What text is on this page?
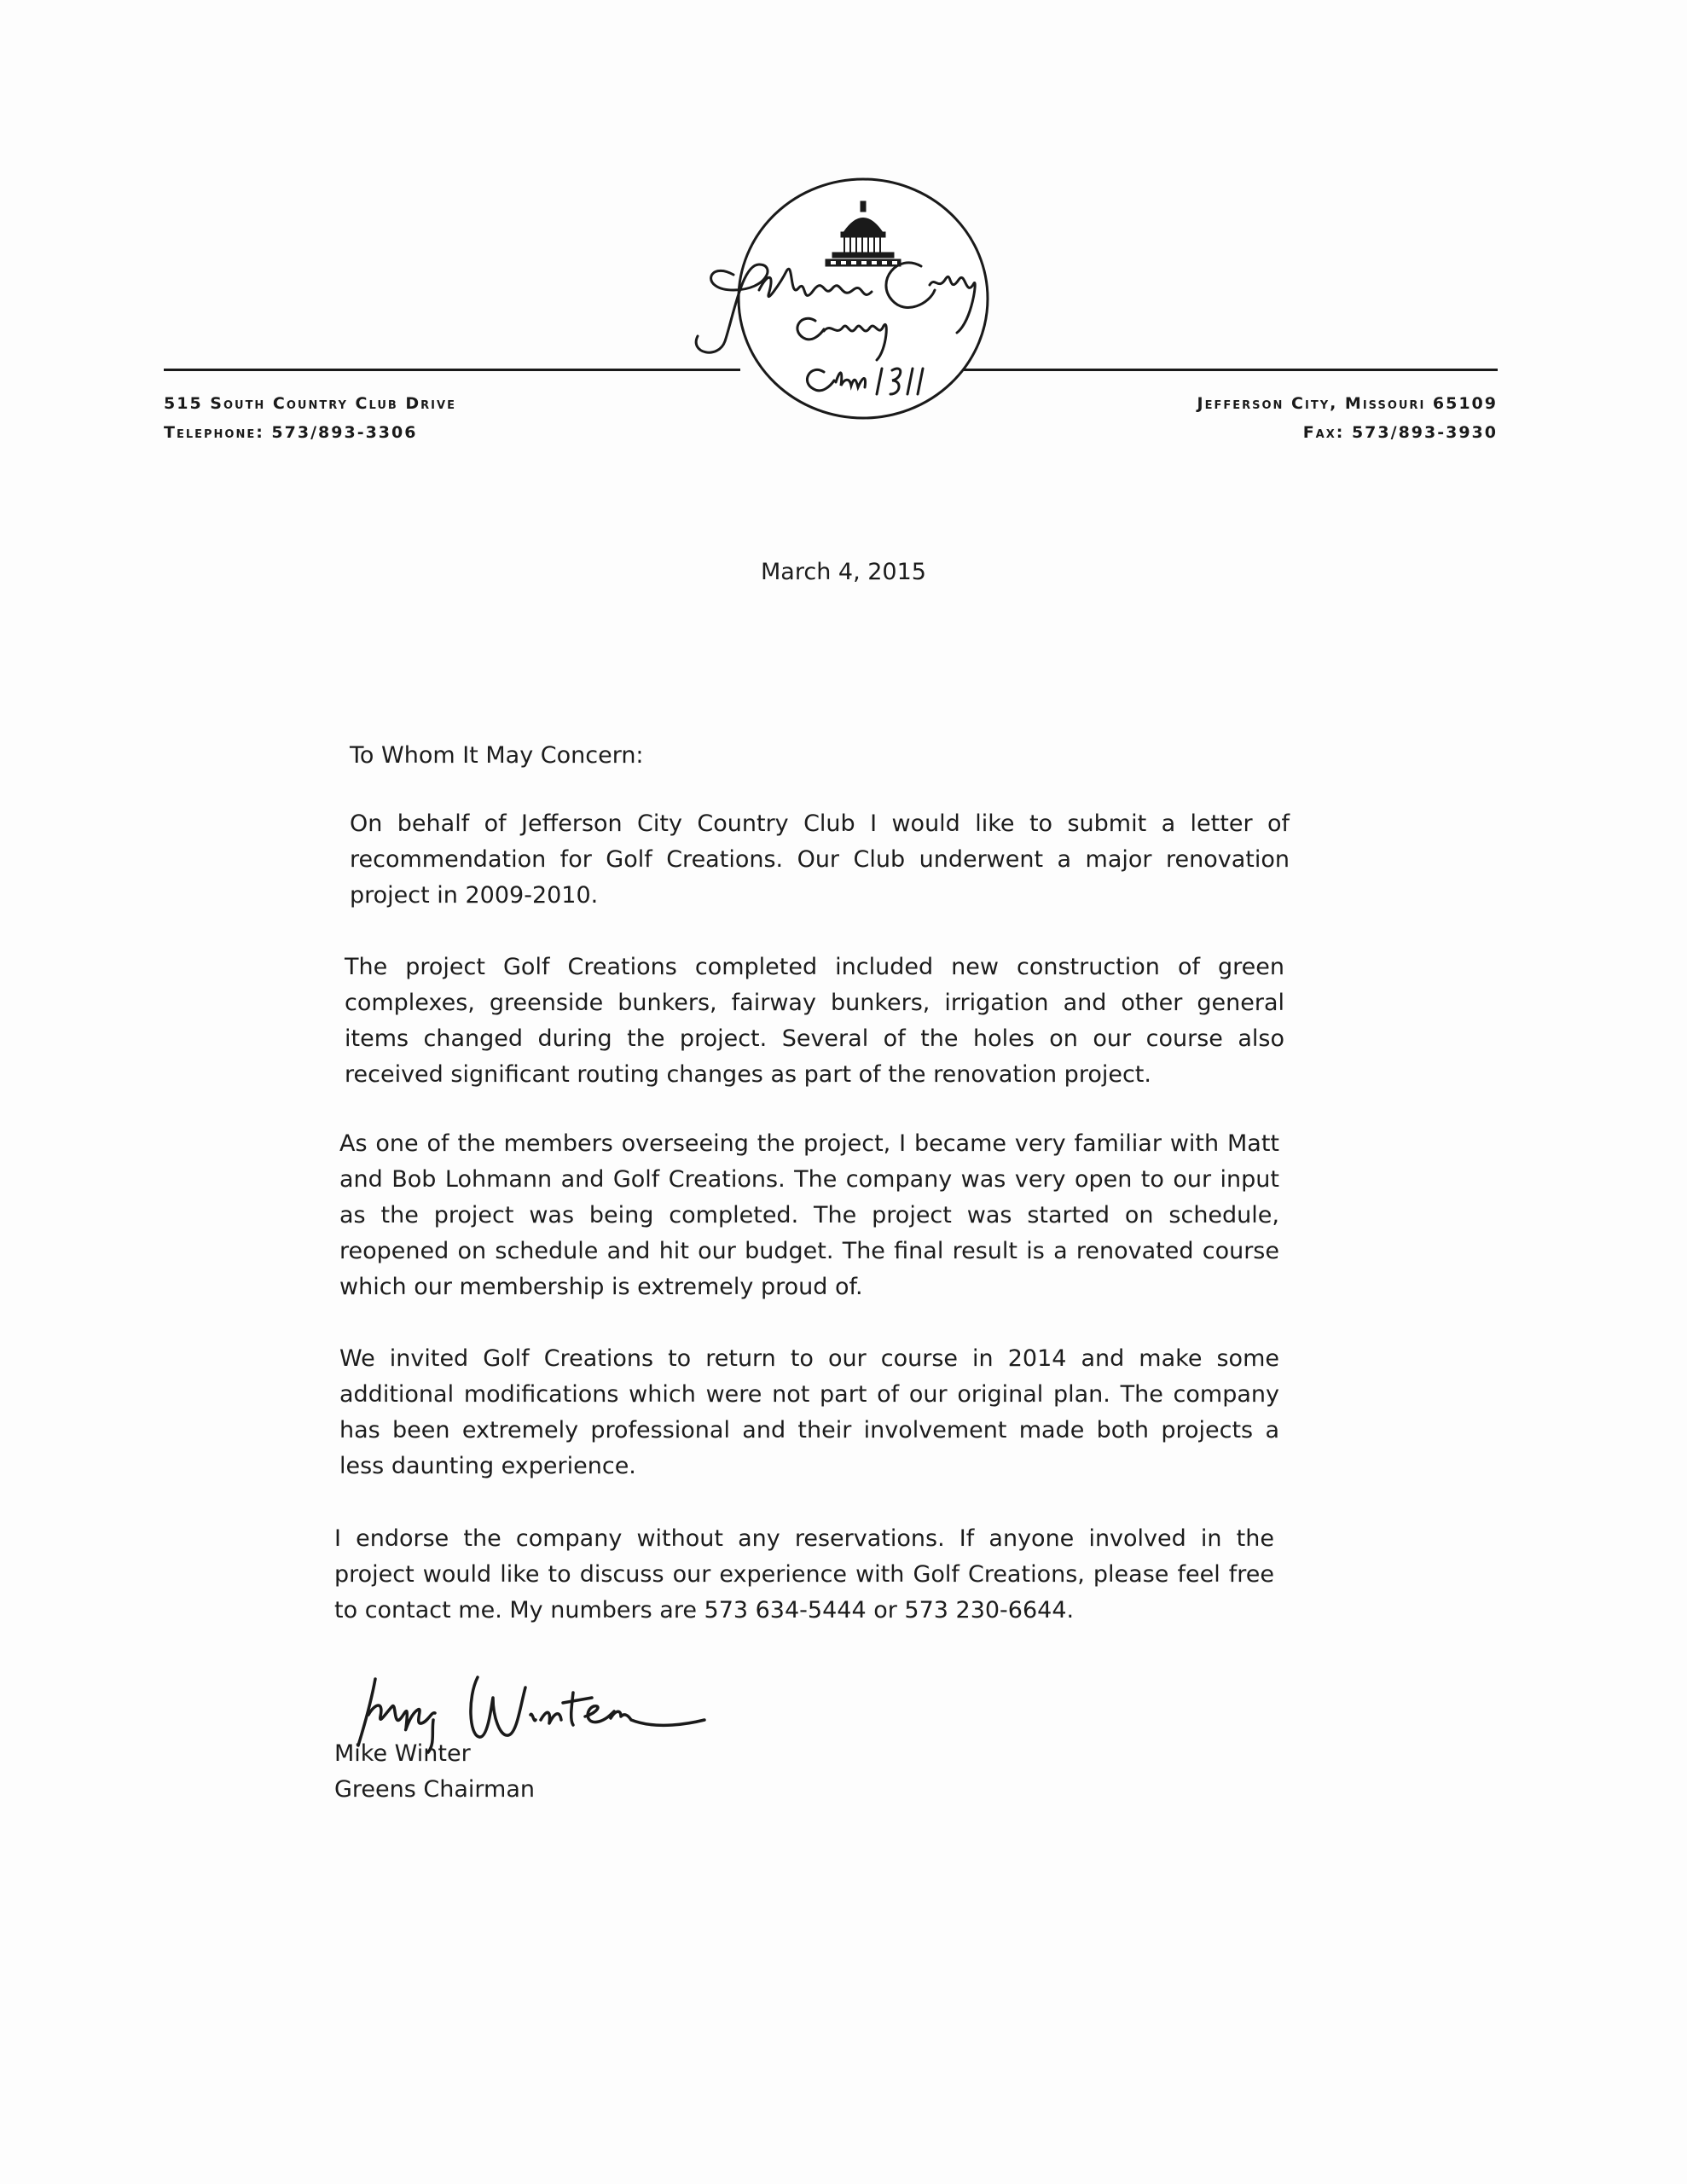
515 South Country Club Drive
Telephone: 573/893-3306
Jefferson City, Missouri 65109
Fax: 573/893-3930
March 4, 2015
To Whom It May Concern:

On behalf of Jefferson City Country Club I would like to submit a letter of recommendation for Golf Creations. Our Club underwent a major renovation project in 2009-2010.

The project Golf Creations completed included new construction of green complexes, greenside bunkers, fairway bunkers, irrigation and other general items changed during the project. Several of the holes on our course also received significant routing changes as part of the renovation project.

As one of the members overseeing the project, I became very familiar with Matt and Bob Lohmann and Golf Creations. The company was very open to our input as the project was being completed. The project was started on schedule, reopened on schedule and hit our budget. The final result is a renovated course which our membership is extremely proud of.

We invited Golf Creations to return to our course in 2014 and make some additional modifications which were not part of our original plan. The company has been extremely professional and their involvement made both projects a less daunting experience.

I endorse the company without any reservations. If anyone involved in the project would like to discuss our experience with Golf Creations, please feel free to contact me. My numbers are 573 634-5444 or 573 230-6644.

Mike Winter
Greens Chairman
